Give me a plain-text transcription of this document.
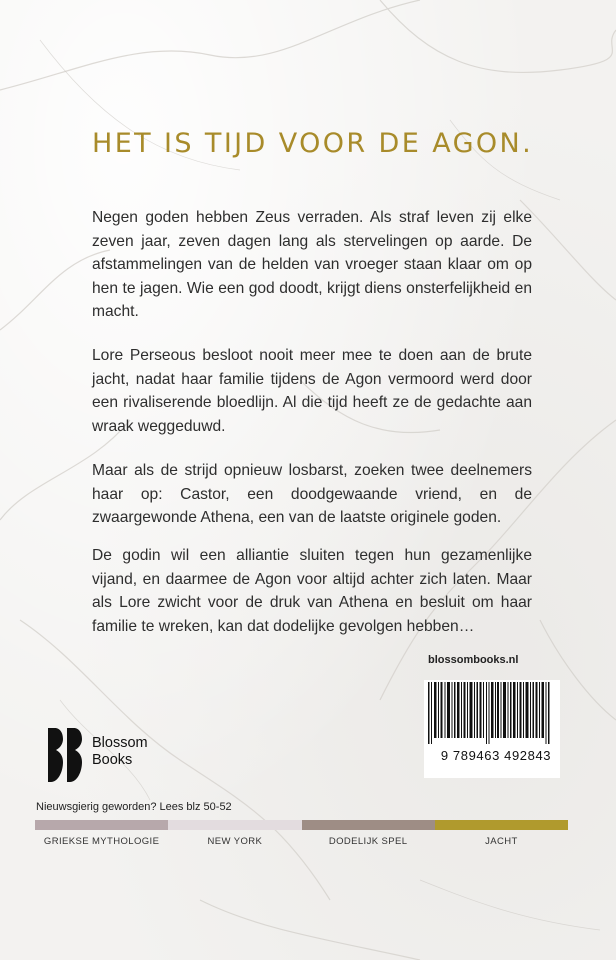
HET IS TIJD VOOR DE AGON.

Negen goden hebben Zeus verraden. Als straf leven zij elke zeven jaar, zeven dagen lang als stervelingen op aarde. De afstammelingen van de helden van vroeger staan klaar om op hen te jagen. Wie een god doodt, krijgt diens onsterfelijkheid en macht.

Lore Perseous besloot nooit meer mee te doen aan de brute jacht, nadat haar familie tijdens de Agon vermoord werd door een rivaliserende bloedlijn. Al die tijd heeft ze de gedachte aan wraak weggeduwd.

Maar als de strijd opnieuw losbarst, zoeken twee deelnemers haar op: Castor, een doodgewaande vriend, en de zwaargewonde Athena, een van de laatste originele goden.

De godin wil een alliantie sluiten tegen hun gezamenlijke vijand, en daarmee de Agon voor altijd achter zich laten. Maar als Lore zwicht voor de druk van Athena en besluit om haar familie te wreken, kan dat dodelijke gevolgen hebben…

blossombooks.nl
9 789463 492843
Blossom
Books
Nieuwsgierig geworden? Lees blz 50-52
GRIEKSE MYTHOLOGIE	NEW YORK	DODELIJK SPEL	JACHT
